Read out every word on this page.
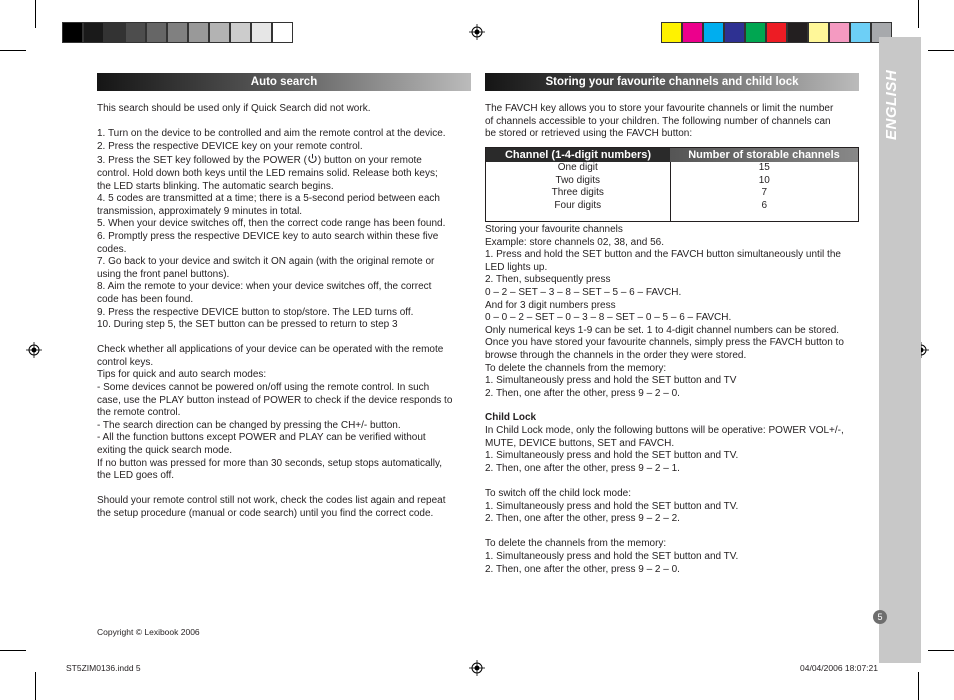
ENGLISH
5
Auto search

This search should be used only if Quick Search did not work.

1. Turn on the device to be controlled and aim the remote control at the device.

2. Press the respective DEVICE key on your remote control.

3. Press the SET key followed by the POWER ( ) button on your remote

control. Hold down both keys until the LED remains solid. Release both keys;

the LED starts blinking. The automatic search begins.

4. 5 codes are transmitted at a time; there is a 5-second period between each

transmission, approximately 9 minutes in total.

5. When your device switches off, then the correct code range has been found.

6. Promptly press the respective DEVICE key to auto search within these five

codes.

7. Go back to your device and switch it ON again (with the original remote or

using the front panel buttons).

8. Aim the remote to your device: when your device switches off, the correct

code has been found.

9. Press the respective DEVICE button to stop/store. The LED turns off.

10. During step 5, the SET button can be pressed to return to step 3

Check whether all applications of your device can be operated with the remote

control keys.

Tips for quick and auto search modes:

- Some devices cannot be powered on/off using the remote control. In such

case, use the PLAY button instead of POWER to check if the device responds to

the remote control.

- The search direction can be changed by pressing the CH+/- button.

- All the function buttons except POWER and PLAY can be verified without

exiting the quick search mode.

If no button was pressed for more than 30 seconds, setup stops automatically,

the LED goes off.

Should your remote control still not work, check the codes list again and repeat

the setup procedure (manual or code search) until you find the correct code.

Storing your favourite channels and child lock

The FAVCH key allows you to store your favourite channels or limit the number

of channels accessible to your children. The following number of channels can

be stored or retrieved using the FAVCH button:

Channel (1-4-digit numbers)	Number of storable channels
One digit	15
Two digits	10
Three digits	7
Four digits	6

Storing your favourite channels

Example: store channels 02, 38, and 56.

1. Press and hold the SET button and the FAVCH button simultaneously until the

LED lights up.

2. Then, subsequently press

0 – 2 – SET – 3 – 8 – SET – 5 – 6 – FAVCH.

And for 3 digit numbers press

0 – 0 – 2 – SET – 0 – 3 – 8 – SET – 0 – 5 – 6 – FAVCH.

Only numerical keys 1-9 can be set. 1 to 4-digit channel numbers can be stored.

Once you have stored your favourite channels, simply press the FAVCH button to

browse through the channels in the order they were stored.

To delete the channels from the memory:

1. Simultaneously press and hold the SET button and TV

2. Then, one after the other, press 9 – 2 – 0.

Child Lock

In Child Lock mode, only the following buttons will be operative: POWER VOL+/-,

MUTE, DEVICE buttons, SET and FAVCH.

1. Simultaneously press and hold the SET button and TV.

2. Then, one after the other, press 9 – 2 – 1.

To switch off the child lock mode:

1. Simultaneously press and hold the SET button and TV.

2. Then, one after the other, press 9 – 2 – 2.

To delete the channels from the memory:

1. Simultaneously press and hold the SET button and TV.

2. Then, one after the other, press 9 – 2 – 0.

Copyright © Lexibook 2006
ST5ZIM0136.indd 5	04/04/2006 18:07:21
